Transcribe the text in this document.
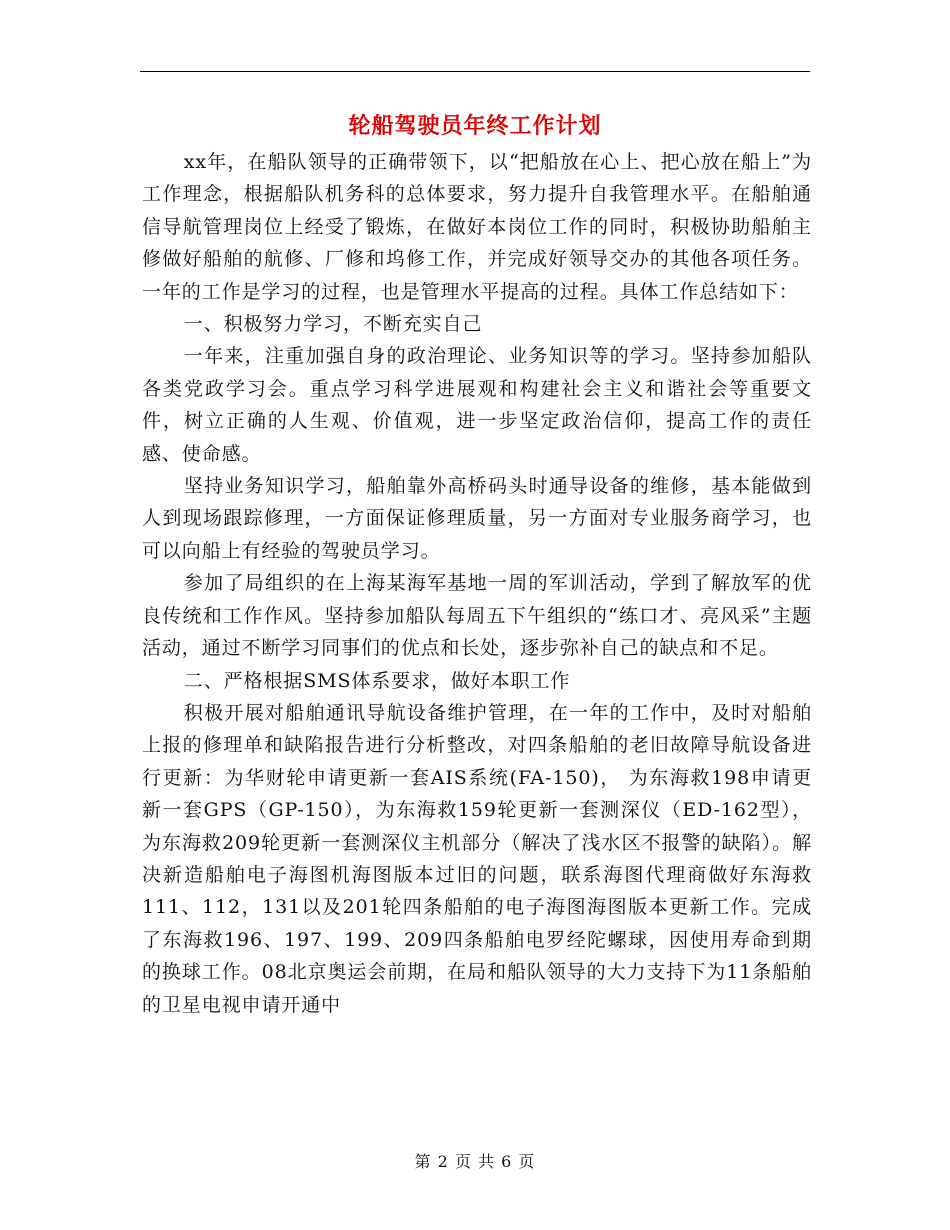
轮船驾驶员年终工作计划

xx年，在船队领导的正确带领下，以“把船放在心上、把心放在船上”为工作理念，根据船队机务科的总体要求，努力提升自我管理水平。在船舶通信导航管理岗位上经受了锻炼，在做好本岗位工作的同时，积极协助船舶主修做好船舶的航修、厂修和坞修工作，并完成好领导交办的其他各项任务。一年的工作是学习的过程，也是管理水平提高的过程。具体工作总结如下：

一、积极努力学习，不断充实自己

一年来，注重加强自身的政治理论、业务知识等的学习。坚持参加船队各类党政学习会。重点学习科学进展观和构建社会主义和谐社会等重要文件，树立正确的人生观、价值观，进一步坚定政治信仰，提高工作的责任感、使命感。

坚持业务知识学习，船舶靠外高桥码头时通导设备的维修，基本能做到人到现场跟踪修理，一方面保证修理质量，另一方面对专业服务商学习，也可以向船上有经验的驾驶员学习。

参加了局组织的在上海某海军基地一周的军训活动，学到了解放军的优良传统和工作作风。坚持参加船队每周五下午组织的“练口才、亮风采”主题活动，通过不断学习同事们的优点和长处，逐步弥补自己的缺点和不足。

二、严格根据SMS体系要求，做好本职工作

积极开展对船舶通讯导航设备维护管理，在一年的工作中，及时对船舶上报的修理单和缺陷报告进行分析整改，对四条船舶的老旧故障导航设备进行更新：为华财轮申请更新一套AIS系统(FA-150)， 为东海救198申请更新一套GPS（GP-150），为东海救159轮更新一套测深仪（ED-162型），为东海救209轮更新一套测深仪主机部分（解决了浅水区不报警的缺陷）。解决新造船舶电子海图机海图版本过旧的问题，联系海图代理商做好东海救111、112，131以及201轮四条船舶的电子海图海图版本更新工作。完成了东海救196、197、199、209四条船舶电罗经陀螺球，因使用寿命到期的换球工作。08北京奥运会前期，在局和船队领导的大力支持下为11条船舶的卫星电视申请开通中

第 2 页 共 6 页
